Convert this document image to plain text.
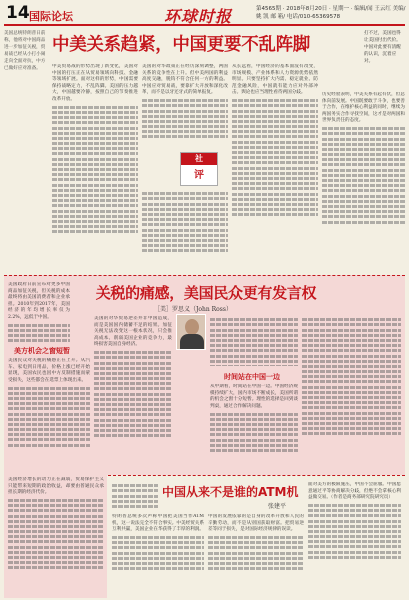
14 国际论坛	环球时报	第4565期 · 2018年8月20日 · 星期一 · 编辑/闻 王云红 美编/姚 凯 邮 箱/ 电话/010-65369578
美国总统特朗普日前称，他将对中国商品进一步加征关税，贸易战已经从小打小闹走向全面对抗，中方已做好应对准备。
中美关系趋紧，中国更要不乱阵脚
打不过，美国也得让美国付出代价。中国对此要有清醒的认识，沉着应对。
中美贸易战的形势出现了新变化，美国对中国的打压正在从贸易领域向科技、金融等领域扩展。面对这样的形势，中国需要保持战略定力，不乱阵脚。美国的压力越大，中国越要冷静，按照自己的节奏推进改革开放。
美国的对华政策正在经历深刻调整，两国关系的竞争性在上升。但中美两国的利益高度交融，脱钩不符合任何一方的利益。中国应对贸易战，要靠扩大开放和深化改革，而不是以牙还牙式的简单报复。
从长远看，中国经济的基本面没有改变，市场规模、产业体系和人力资源优势依然明显。只要坚持扩大内需、稳定就业、防范金融风险，中国就有能力应对外部冲击。舆论也应当理性看待两国分歧。	历史经验表明，中美关系有起有伏，但总体向前发展。中国既要敢于斗争，也要善于合作，在维护核心利益的同时，继续为两国务实合作寻找空间，这才是对两国和世界负责任的态度。
社
评
关税的痛感，美国民众更有发言权
［美］罗思义（John Ross）
美国政府日前宣布对更多中国商品加征关税，但关税的成本最终将由美国消费者和企业承担。2010年到2017年，美国经济的年均增长率仅为2.2%，远低于中国。
美方机会之窗短暂
美国民众对关税的痛感正在上升。从汽车、家电到日用品，价格上涨已经开始显现，美国农民也因中方反制措施而蒙受损失，这些都会在选票上体现出来。
美国的对华贸易逆差并非中国造成，而是美国国内储蓄不足的结果。加征关税无法改变这一根本状况，只会推高成本、削弱美国企业的竞争力，最终损害美国自身经济。
时间站在中国一边
从中期看，时间站在中国一边。中国经济规模持续扩大，国内市场不断成长，美国所谓的机会之窗十分短暂。理性的选择是回到谈判桌，通过合作解决问题。
美国经济增长的动力正在减弱，贸易保护主义只能带来短期的政治收益，却要由普通民众承担长期的经济代价。	中国从来不是谁的ATM机
张建平
特朗普总统多次声称中国把美国当作ATM机，这一说法完全不符合事实。中美经贸关系互利共赢，美国企业在华获得了丰厚的利润。
中国的发展依靠的是自身的改革开放和人民的辛勤劳动，而不是从别国获取财富。把贸易逆差等同于损失，是对国际经济规律的误读。
面对美方的极限施压，中国不会屈服。中国愿意通过平等协商解决分歧，但绝不会拿核心利益做交易。（作者是商务部研究院研究员）
